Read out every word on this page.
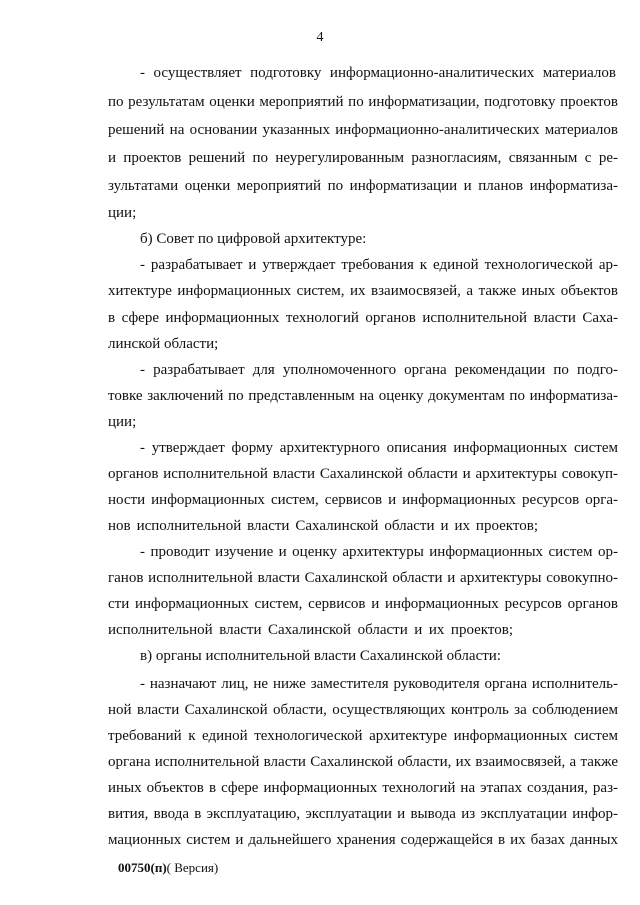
4
- осуществляет подготовку информационно-аналитических материалов
по результатам оценки мероприятий по информатизации, подготовку проектов
решений на основании указанных информационно-аналитических материалов
и проектов решений по неурегулированным разногласиям, связанным с ре-
зультатами оценки мероприятий по информатизации и планов информатиза-
ции;
б) Совет по цифровой архитектуре:
- разрабатывает и утверждает требования к единой технологической ар-
хитектуре информационных систем, их взаимосвязей, а также иных объектов
в сфере информационных технологий органов исполнительной власти Саха-
линской области;
- разрабатывает для уполномоченного органа рекомендации по подго-
товке заключений по представленным на оценку документам по информатиза-
ции;
- утверждает форму архитектурного описания информационных систем
органов исполнительной власти Сахалинской области и архитектуры совокуп-
ности информационных систем, сервисов и информационных ресурсов орга-
нов исполнительной власти Сахалинской области и их проектов;
- проводит изучение и оценку архитектуры информационных систем ор-
ганов исполнительной власти Сахалинской области и архитектуры совокупно-
сти информационных систем, сервисов и информационных ресурсов органов
исполнительной власти Сахалинской области и их проектов;
в) органы исполнительной власти Сахалинской области:
- назначают лиц, не ниже заместителя руководителя органа исполнитель-
ной власти Сахалинской области, осуществляющих контроль за соблюдением
требований к единой технологической архитектуре информационных систем
органа исполнительной власти Сахалинской области, их взаимосвязей, а также
иных объектов в сфере информационных технологий на этапах создания, раз-
вития, ввода в эксплуатацию, эксплуатации и вывода из эксплуатации инфор-
мационных систем и дальнейшего хранения содержащейся в их базах данных
00750(п)( Версия)
